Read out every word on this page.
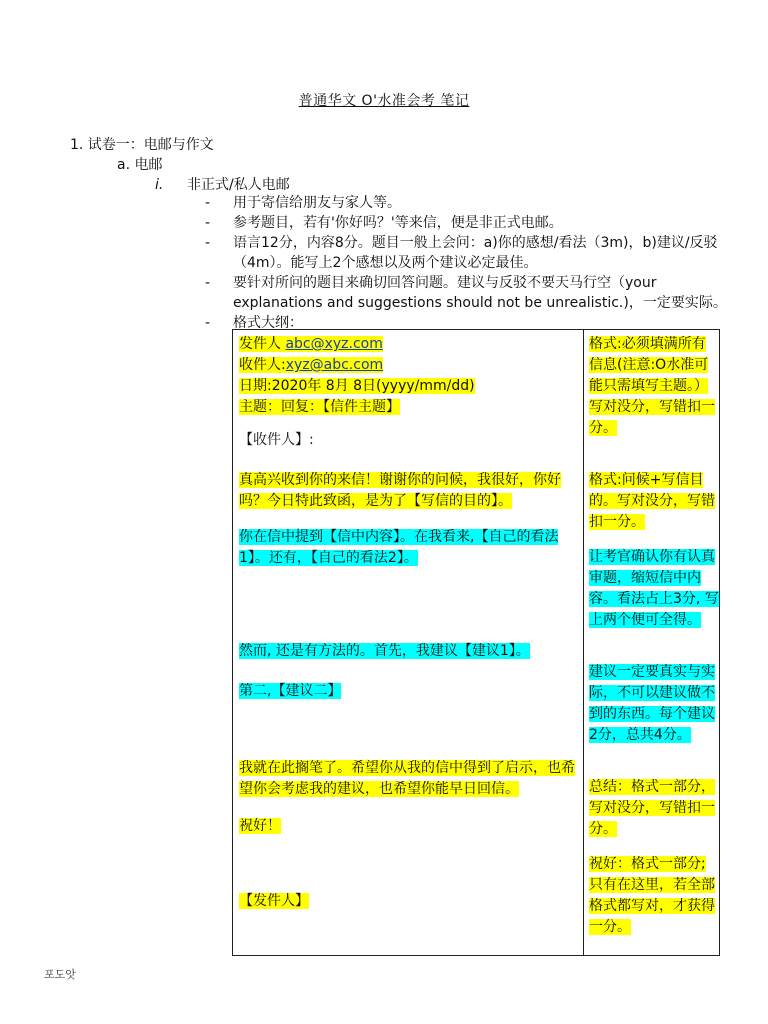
普通华文 O'水准会考 笔记
1. 试卷一：电邮与作文
a. 电邮
i. 非正式/私人电邮
- 用于寄信给朋友与家人等。
- 参考题目，若有'你好吗？'等来信，便是非正式电邮。
- 语言12分，内容8分。题目一般上会问：a)你的感想/看法（3m)，b)建议/反驳（4m）。能写上2个感想以及两个建议必定最佳。
- 要针对所问的题目来确切回答问题。建议与反驳不要天马行空（your explanations and suggestions should not be unrealistic.)，一定要实际。
- 格式大纲：
发件人 abc@xyz.com
收件人:xyz@abc.com
日期:2020年 8月 8日(yyyy/mm/dd)
主题：回复：【信件主题】
【收件人】:
真高兴收到你的来信！谢谢你的问候，我很好，你好吗？今日特此致函，是为了【写信的目的】。
你在信中提到【信中内容】。在我看来,【自己的看法1】。还有，【自己的看法2】。
然而, 还是有方法的。首先，我建议【建议1】。
第二,【建议二】
我就在此搁笔了。希望你从我的信中得到了启示，也希望你会考虑我的建议，也希望你能早日回信。
祝好！
【发件人】
格式:必须填满所有信息(注意:O水准可能只需填写主题。）写对没分，写错扣一分。
格式:问候+写信目的。写对没分，写错扣一分。
让考官确认你有认真审题，缩短信中内容。看法占上3分, 写上两个便可全得。
建议一定要真实与实际，不可以建议做不到的东西。每个建议2分，总共4分。
总结：格式一部分，写对没分，写错扣一分。
祝好：格式一部分;只有在这里，若全部格式都写对，才获得一分。
포도앗
